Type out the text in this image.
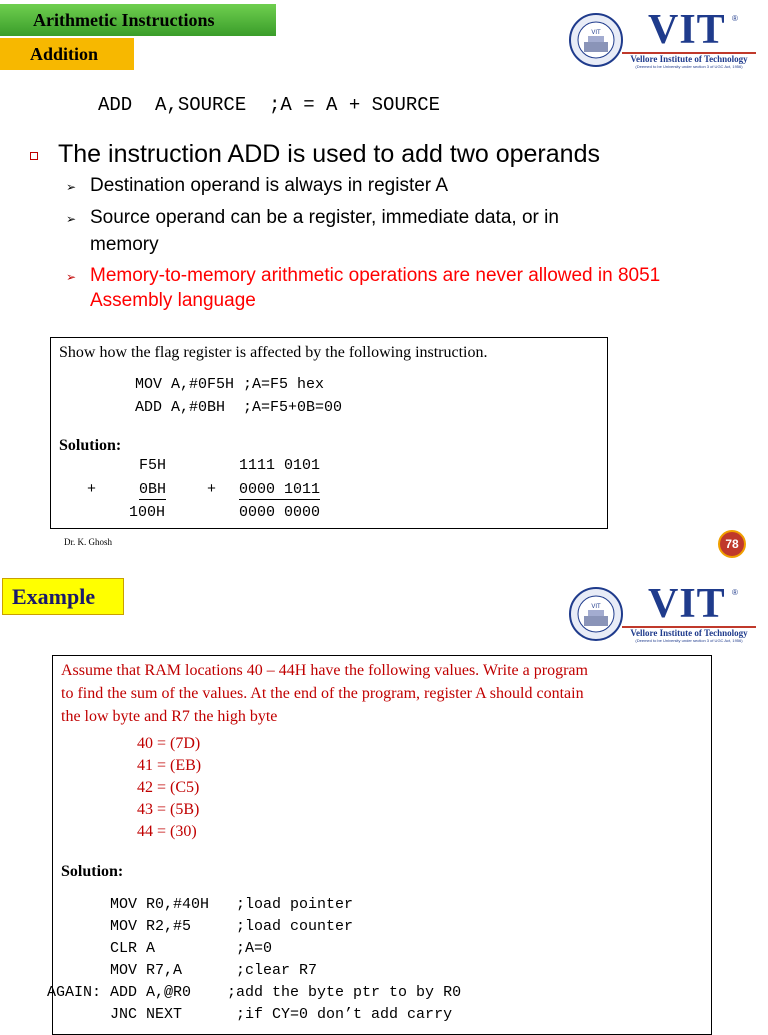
Arithmetic Instructions
Addition
VIT VIT ®
Vellore Institute of Technology
(Deemed to be University under section 3 of UGC Act, 1956)
ADD  A,SOURCE  ;A = A + SOURCE
The instruction ADD is used to add two operands
➢ Destination operand is always in register A
➢ Source operand can be a register, immediate data, or in
memory
➢ Memory-to-memory arithmetic operations are never allowed in 8051
Assembly language
Show how the flag register is affected by the following instruction.
MOV A,#0F5H ;A=F5 hex
ADD A,#0BH  ;A=F5+0B=00
Solution:
F5H	1111 0101
+	0BH	+ 0000 1011
100H	0000 0000
Dr. K. Ghosh	78
Example	VIT VIT ®
Vellore Institute of Technology
(Deemed to be University under section 3 of UGC Act, 1956)
Assume that RAM locations 40 – 44H have the following values. Write a program
to find the sum of the values. At the end of the program, register A should contain
the low byte and R7 the high byte
40 = (7D)
41 = (EB)
42 = (C5)
43 = (5B)
44 = (30)
Solution:
MOV R0,#40H   ;load pointer
MOV R2,#5     ;load counter
CLR A         ;A=0
MOV R7,A      ;clear R7
AGAIN: ADD A,@R0    ;add the byte ptr to by R0
JNC NEXT      ;if CY=0 don’t add carry
